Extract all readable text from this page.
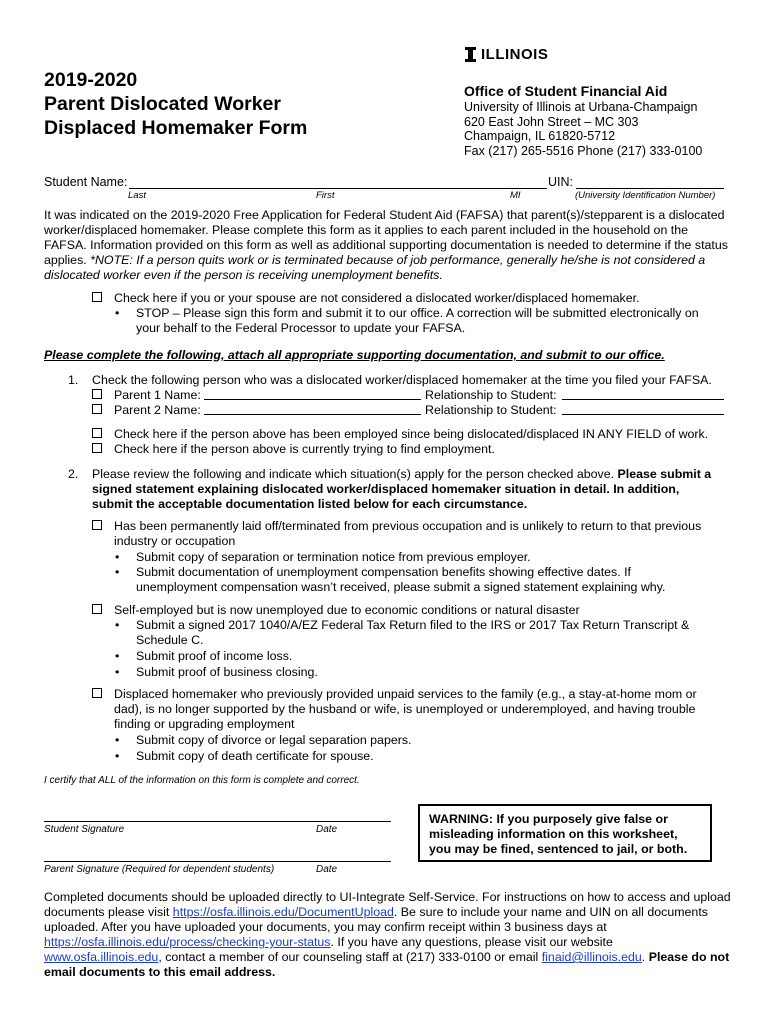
ILLINOIS
2019-2020
Parent Dislocated Worker
Displaced Homemaker Form
Office of Student Financial Aid
University of Illinois at Urbana-Champaign
620 East John Street – MC 303
Champaign, IL 61820-5712
Fax (217) 265-5516 Phone (217) 333-0100
Student Name:	UIN:
Last	First	MI	(University Identification Number)
It was indicated on the 2019-2020 Free Application for Federal Student Aid (FAFSA) that parent(s)/stepparent is a dislocated worker/displaced homemaker. Please complete this form as it applies to each parent included in the household on the FAFSA. Information provided on this form as well as additional supporting documentation is needed to determine if the status applies. *NOTE: If a person quits work or is terminated because of job performance, generally he/she is not considered a dislocated worker even if the person is receiving unemployment benefits.
Check here if you or your spouse are not considered a dislocated worker/displaced homemaker.
• STOP – Please sign this form and submit it to our office. A correction will be submitted electronically on
your behalf to the Federal Processor to update your FAFSA.
Please complete the following, attach all appropriate supporting documentation, and submit to our office.
1. Check the following person who was a dislocated worker/displaced homemaker at the time you filed your FAFSA.
Parent 1 Name:	Relationship to Student:
Parent 2 Name:	Relationship to Student:
Check here if the person above has been employed since being dislocated/displaced IN ANY FIELD of work.
Check here if the person above is currently trying to find employment.
2. Please review the following and indicate which situation(s) apply for the person checked above. Please submit a
signed statement explaining dislocated worker/displaced homemaker situation in detail. In addition,
submit the acceptable documentation listed below for each circumstance.
Has been permanently laid off/terminated from previous occupation and is unlikely to return to that previous
industry or occupation
• Submit copy of separation or termination notice from previous employer.
• Submit documentation of unemployment compensation benefits showing effective dates. If
unemployment compensation wasn’t received, please submit a signed statement explaining why.
Self-employed but is now unemployed due to economic conditions or natural disaster
• Submit a signed 2017 1040/A/EZ Federal Tax Return filed to the IRS or 2017 Tax Return Transcript &
Schedule C.
• Submit proof of income loss.
• Submit proof of business closing.
Displaced homemaker who previously provided unpaid services to the family (e.g., a stay-at-home mom or
dad), is no longer supported by the husband or wife, is unemployed or underemployed, and having trouble
finding or upgrading employment
• Submit copy of divorce or legal separation papers.
• Submit copy of death certificate for spouse.
I certify that ALL of the information on this form is complete and correct.
Student Signature	Date
Parent Signature (Required for dependent students)	Date
WARNING: If you purposely give false or
misleading information on this worksheet,
you may be fined, sentenced to jail, or both.
Completed documents should be uploaded directly to UI-Integrate Self-Service. For instructions on how to access and upload documents please visit https://osfa.illinois.edu/DocumentUpload. Be sure to include your name and UIN on all documents uploaded. After you have uploaded your documents, you may confirm receipt within 3 business days at https://osfa.illinois.edu/process/checking-your-status. If you have any questions, please visit our website www.osfa.illinois.edu, contact a member of our counseling staff at (217) 333-0100 or email finaid@illinois.edu. Please do not email documents to this email address.
